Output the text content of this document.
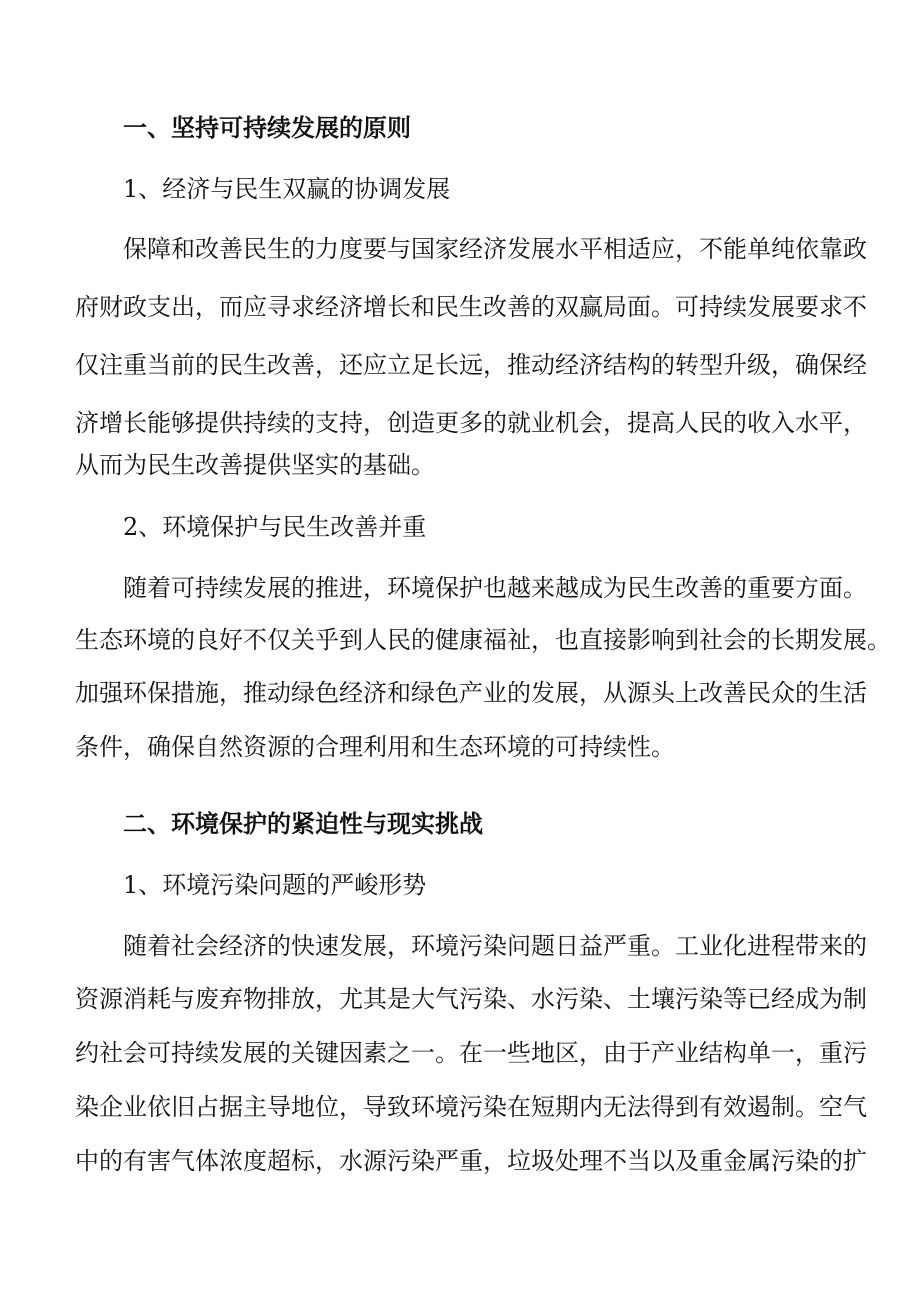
一、坚持可持续发展的原则
1、经济与民生双赢的协调发展
保障和改善民生的力度要与国家经济发展水平相适应，不能单纯依靠政
府财政支出，而应寻求经济增长和民生改善的双赢局面。可持续发展要求不
仅注重当前的民生改善，还应立足长远，推动经济结构的转型升级，确保经
济增长能够提供持续的支持，创造更多的就业机会，提高人民的收入水平，
从而为民生改善提供坚实的基础。
2、环境保护与民生改善并重
随着可持续发展的推进，环境保护也越来越成为民生改善的重要方面。
生态环境的良好不仅关乎到人民的健康福祉，也直接影响到社会的长期发展。
加强环保措施，推动绿色经济和绿色产业的发展，从源头上改善民众的生活
条件，确保自然资源的合理利用和生态环境的可持续性。
二、环境保护的紧迫性与现实挑战
1、环境污染问题的严峻形势
随着社会经济的快速发展，环境污染问题日益严重。工业化进程带来的
资源消耗与废弃物排放，尤其是大气污染、水污染、土壤污染等已经成为制
约社会可持续发展的关键因素之一。在一些地区，由于产业结构单一，重污
染企业依旧占据主导地位，导致环境污染在短期内无法得到有效遏制。空气
中的有害气体浓度超标，水源污染严重，垃圾处理不当以及重金属污染的扩
